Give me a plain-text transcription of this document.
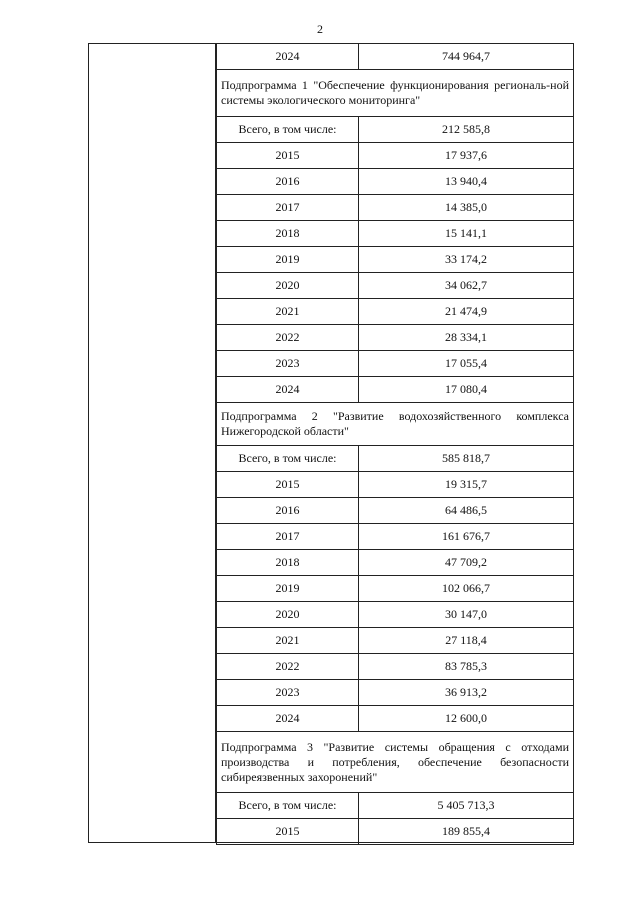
2
2024	744 964,7
Подпрограмма 1 "Обеспечение функционирования региональ-ной системы экологического мониторинга"	
Всего, в том числе:	212 585,8
2015	17 937,6
2016	13 940,4
2017	14 385,0
2018	15 141,1
2019	33 174,2
2020	34 062,7
2021	21 474,9
2022	28 334,1
2023	17 055,4
2024	17 080,4
Подпрограмма 2 "Развитие водохозяйственного комплекса Нижегородской области"	
Всего, в том числе:	585 818,7
2015	19 315,7
2016	64 486,5
2017	161 676,7
2018	47 709,2
2019	102 066,7
2020	30 147,0
2021	27 118,4
2022	83 785,3
2023	36 913,2
2024	12 600,0
Подпрограмма 3 "Развитие системы обращения с отходами производства и потребления, обеспечение безопасности сибиреязвенных захоронений"	
Всего, в том числе:	5 405 713,3
2015	189 855,4
